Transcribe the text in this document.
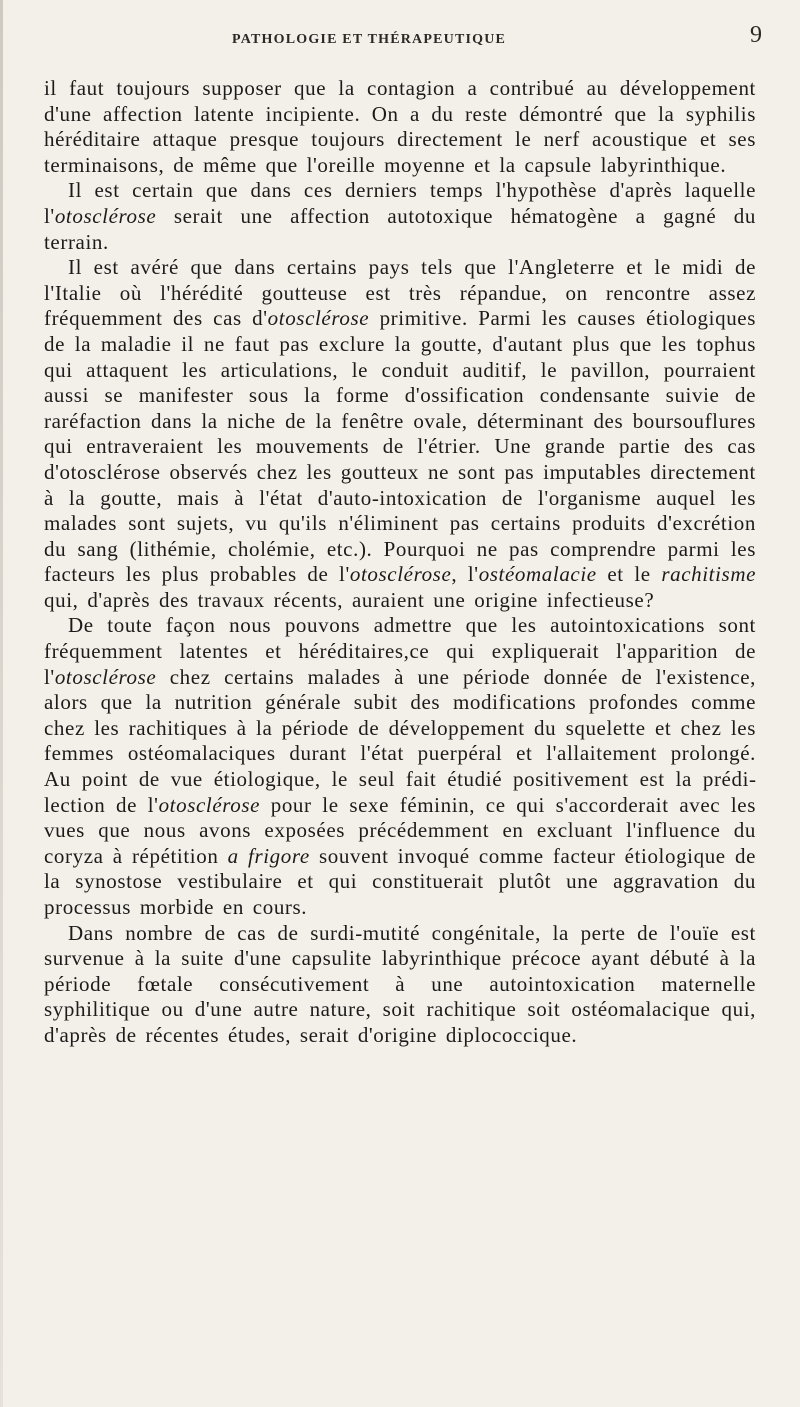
PATHOLOGIE ET THÉRAPEUTIQUE	9

il faut toujours supposer que la contagion a contribué au développement d'une affection latente incipiente. On a du reste démontré que la syphilis héréditaire attaque presque toujours directement le nerf acoustique et ses terminaisons, de même que l'oreille moyenne et la capsule labyrinthique.

Il est certain que dans ces derniers temps l'hypothèse d'après laquelle l'otosclérose serait une affection autotoxique hématogène a gagné du terrain.

Il est avéré que dans certains pays tels que l'Angleterre et le midi de l'Italie où l'hérédité goutteuse est très répandue, on rencontre assez fréquemment des cas d'otosclérose primitive. Parmi les causes étiologiques de la maladie il ne faut pas exclure la goutte, d'autant plus que les tophus qui attaquent les articulations, le conduit auditif, le pavillon, pourraient aussi se manifester sous la forme d'ossification condensante suivie de raréfaction dans la niche de la fenêtre ovale, déterminant des boursouflures qui entraveraient les mouvements de l'étrier. Une grande partie des cas d'otosclérose observés chez les goutteux ne sont pas imputables directement à la goutte, mais à l'état d'auto-intoxication de l'organisme auquel les malades sont sujets, vu qu'ils n'éliminent pas certains produits d'excrétion du sang (lithémie, cholémie, etc.). Pourquoi ne pas comprendre parmi les facteurs les plus probables de l'otosclérose, l'ostéomalacie et le rachitisme qui, d'après des travaux récents, auraient une origine infectieuse?

De toute façon nous pouvons admettre que les autointoxications sont fréquemment latentes et héréditaires,ce qui expliquerait l'apparition de l'otosclérose chez certains malades à une période donnée de l'existence, alors que la nutrition générale subit des modifications profondes comme chez les rachitiques à la période de développement du squelette et chez les femmes ostéomalaciques durant l'état puerpéral et l'allaitement prolongé. Au point de vue étiologique, le seul fait étudié positivement est la prédilection de l'otosclérose pour le sexe féminin, ce qui s'accorderait avec les vues que nous avons exposées précédemment en excluant l'influence du coryza à répétition a frigore souvent invoqué comme facteur étiologique de la synostose vestibulaire et qui constituerait plutôt une aggravation du processus morbide en cours.

Dans nombre de cas de surdi-mutité congénitale, la perte de l'ouïe est survenue à la suite d'une capsulite labyrinthique précoce ayant débuté à la période fœtale consécutivement à une autointoxication maternelle syphilitique ou d'une autre nature, soit rachitique soit ostéomalacique qui, d'après de récentes études, serait d'origine diplococcique.
